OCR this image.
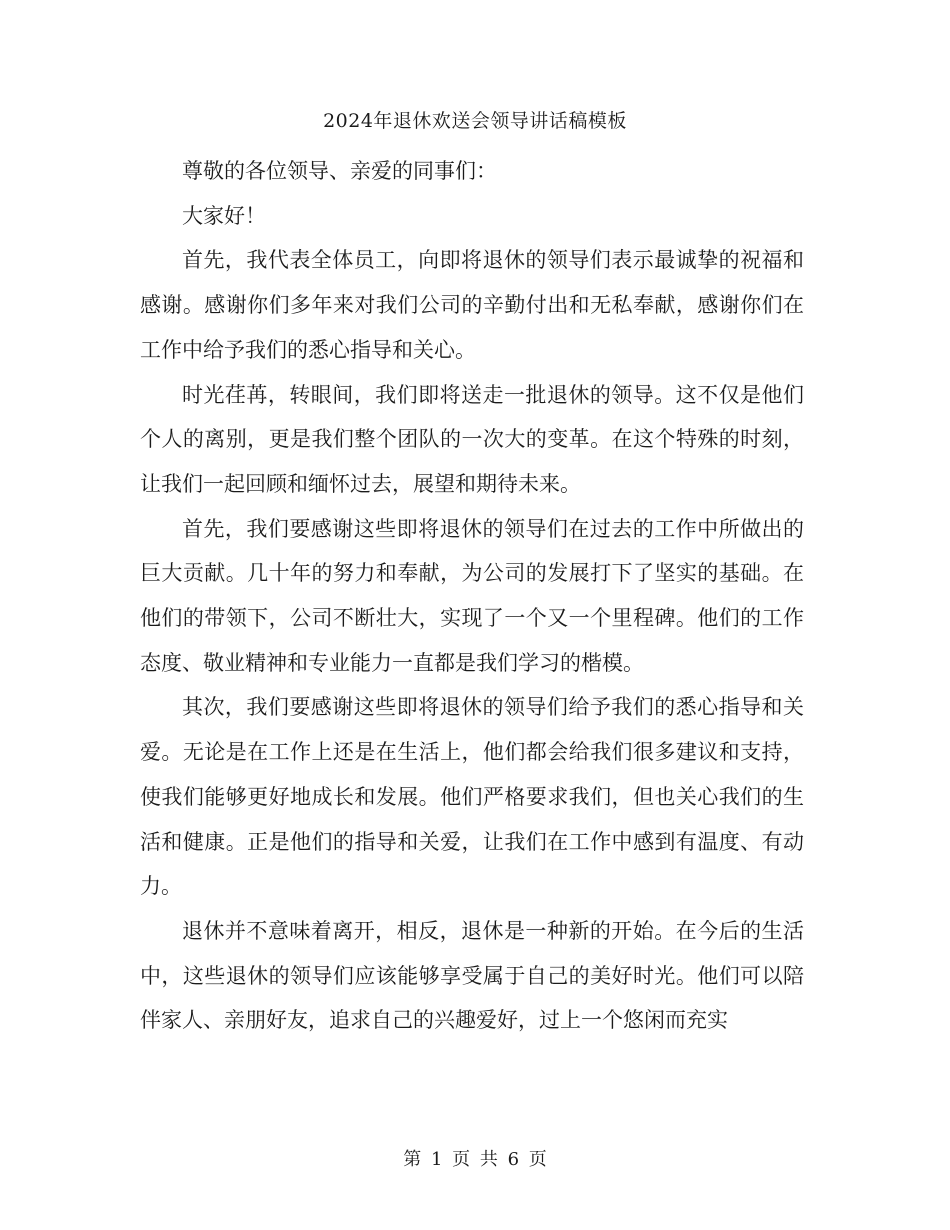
2024年退休欢送会领导讲话稿模板

尊敬的各位领导、亲爱的同事们：

大家好！

首先，我代表全体员工，向即将退休的领导们表示最诚挚的祝福和感谢。感谢你们多年来对我们公司的辛勤付出和无私奉献，感谢你们在工作中给予我们的悉心指导和关心。

时光荏苒，转眼间，我们即将送走一批退休的领导。这不仅是他们个人的离别，更是我们整个团队的一次大的变革。在这个特殊的时刻，让我们一起回顾和缅怀过去，展望和期待未来。

首先，我们要感谢这些即将退休的领导们在过去的工作中所做出的巨大贡献。几十年的努力和奉献，为公司的发展打下了坚实的基础。在他们的带领下，公司不断壮大，实现了一个又一个里程碑。他们的工作态度、敬业精神和专业能力一直都是我们学习的楷模。

其次，我们要感谢这些即将退休的领导们给予我们的悉心指导和关爱。无论是在工作上还是在生活上，他们都会给我们很多建议和支持，使我们能够更好地成长和发展。他们严格要求我们，但也关心我们的生活和健康。正是他们的指导和关爱，让我们在工作中感到有温度、有动力。

退休并不意味着离开，相反，退休是一种新的开始。在今后的生活中，这些退休的领导们应该能够享受属于自己的美好时光。他们可以陪伴家人、亲朋好友，追求自己的兴趣爱好，过上一个悠闲而充实

第 1 页 共 6 页
